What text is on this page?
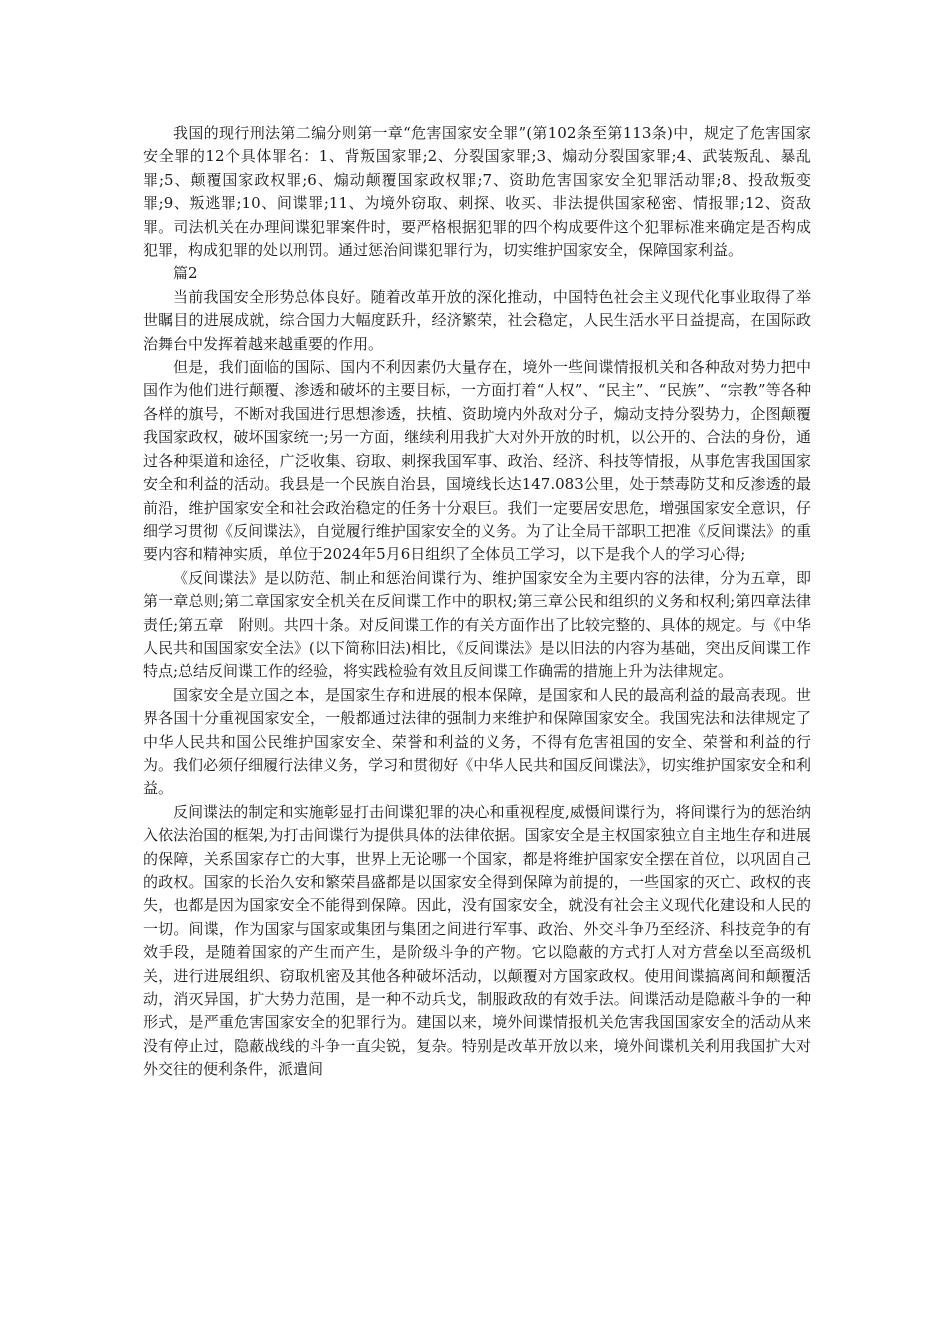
我国的现行刑法第二编分则第一章“危害国家安全罪”(第102条至第113条)中，规定了危害国家安全罪的12个具体罪名：1、背叛国家罪;2、分裂国家罪;3、煽动分裂国家罪;4、武装叛乱、暴乱罪;5、颠覆国家政权罪;6、煽动颠覆国家政权罪;7、资助危害国家安全犯罪活动罪;8、投敌叛变罪;9、叛逃罪;10、间谍罪;11、为境外窃取、刺探、收买、非法提供国家秘密、情报罪;12、资敌罪。司法机关在办理间谍犯罪案件时，要严格根据犯罪的四个构成要件这个犯罪标准来确定是否构成犯罪，构成犯罪的处以刑罚。通过惩治间谍犯罪行为，切实维护国家安全，保障国家利益。

篇2

当前我国安全形势总体良好。随着改革开放的深化推动，中国特色社会主义现代化事业取得了举世瞩目的进展成就，综合国力大幅度跃升，经济繁荣，社会稳定，人民生活水平日益提高，在国际政治舞台中发挥着越来越重要的作用。

但是，我们面临的国际、国内不利因素仍大量存在，境外一些间谍情报机关和各种敌对势力把中国作为他们进行颠覆、渗透和破坏的主要目标，一方面打着“人权”、“民主”、“民族”、“宗教”等各种各样的旗号，不断对我国进行思想渗透，扶植、资助境内外敌对分子，煽动支持分裂势力，企图颠覆我国家政权，破坏国家统一;另一方面，继续利用我扩大对外开放的时机，以公开的、合法的身份，通过各种渠道和途径，广泛收集、窃取、刺探我国军事、政治、经济、科技等情报，从事危害我国国家安全和利益的活动。我县是一个民族自治县，国境线长达147.083公里，处于禁毒防艾和反渗透的最前沿，维护国家安全和社会政治稳定的任务十分艰巨。我们一定要居安思危，增强国家安全意识，仔细学习贯彻《反间谍法》，自觉履行维护国家安全的义务。为了让全局干部职工把准《反间谍法》的重要内容和精神实质，单位于2024年5月6日组织了全体员工学习，以下是我个人的学习心得;

《反间谍法》是以防范、制止和惩治间谍行为、维护国家安全为主要内容的法律，分为五章，即第一章总则;第二章国家安全机关在反间谍工作中的职权;第三章公民和组织的义务和权利;第四章法律责任;第五章　附则。共四十条。对反间谍工作的有关方面作出了比较完整的、具体的规定。与《中华人民共和国国家安全法》(以下简称旧法)相比，《反间谍法》是以旧法的内容为基础，突出反间谍工作特点;总结反间谍工作的经验，将实践检验有效且反间谍工作确需的措施上升为法律规定。

国家安全是立国之本，是国家生存和进展的根本保障，是国家和人民的最高利益的最高表现。世界各国十分重视国家安全，一般都通过法律的强制力来维护和保障国家安全。我国宪法和法律规定了中华人民共和国公民维护国家安全、荣誉和利益的义务，不得有危害祖国的安全、荣誉和利益的行为。我们必须仔细履行法律义务，学习和贯彻好《中华人民共和国反间谍法》，切实维护国家安全和利益。

反间谍法的制定和实施彰显打击间谍犯罪的决心和重视程度,威慑间谍行为，将间谍行为的惩治纳入依法治国的框架,为打击间谍行为提供具体的法律依据。国家安全是主权国家独立自主地生存和进展的保障，关系国家存亡的大事，世界上无论哪一个国家，都是将维护国家安全摆在首位，以巩固自己的政权。国家的长治久安和繁荣昌盛都是以国家安全得到保障为前提的，一些国家的灭亡、政权的丧失，也都是因为国家安全不能得到保障。因此，没有国家安全，就没有社会主义现代化建设和人民的一切。间谍，作为国家与国家或集团与集团之间进行军事、政治、外交斗争乃至经济、科技竞争的有效手段，是随着国家的产生而产生，是阶级斗争的产物。它以隐蔽的方式打人对方营垒以至高级机关，进行进展组织、窃取机密及其他各种破坏活动，以颠覆对方国家政权。使用间谍搞离间和颠覆活动，消灭异国，扩大势力范围，是一种不动兵戈，制服政敌的有效手法。间谍活动是隐蔽斗争的一种形式，是严重危害国家安全的犯罪行为。建国以来，境外间谍情报机关危害我国国家安全的活动从来没有停止过，隐蔽战线的斗争一直尖锐，复杂。特别是改革开放以来，境外间谍机关利用我国扩大对外交往的便利条件，派遣间
